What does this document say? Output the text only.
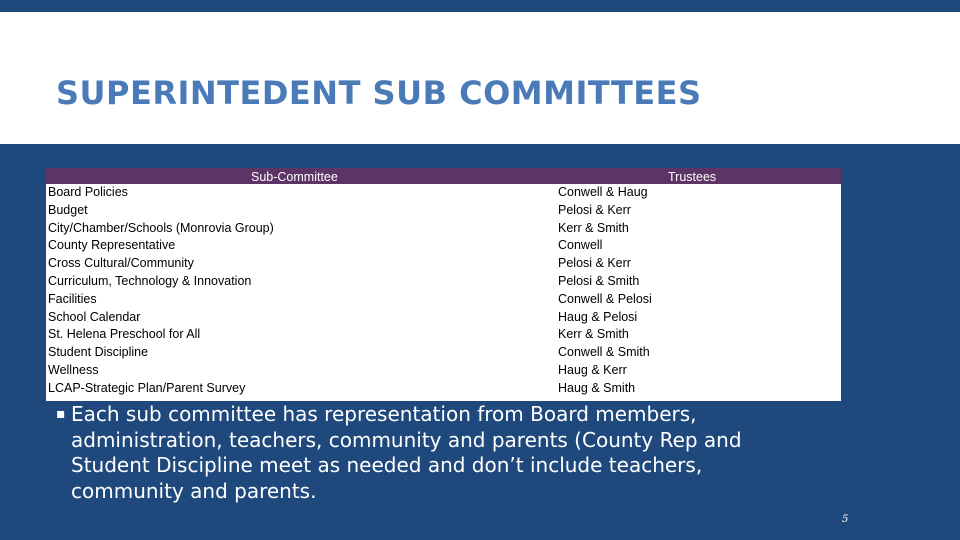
SUPERINTEDENT SUB COMMITTEES
Sub-Committee	Trustees
Board Policies	Conwell & Haug
Budget	Pelosi & Kerr
City/Chamber/Schools (Monrovia Group)	Kerr & Smith
County Representative	Conwell
Cross Cultural/Community	Pelosi & Kerr
Curriculum, Technology & Innovation	Pelosi & Smith
Facilities	Conwell & Pelosi
School Calendar	Haug & Pelosi
St. Helena Preschool for All	Kerr & Smith
Student Discipline	Conwell & Smith
Wellness	Haug & Kerr
LCAP-Strategic Plan/Parent Survey	Haug & Smith
▪ Each sub committee has representation from Board members, administration, teachers, community and parents (County Rep and Student Discipline meet as needed and don’t include teachers, community and parents.
5
